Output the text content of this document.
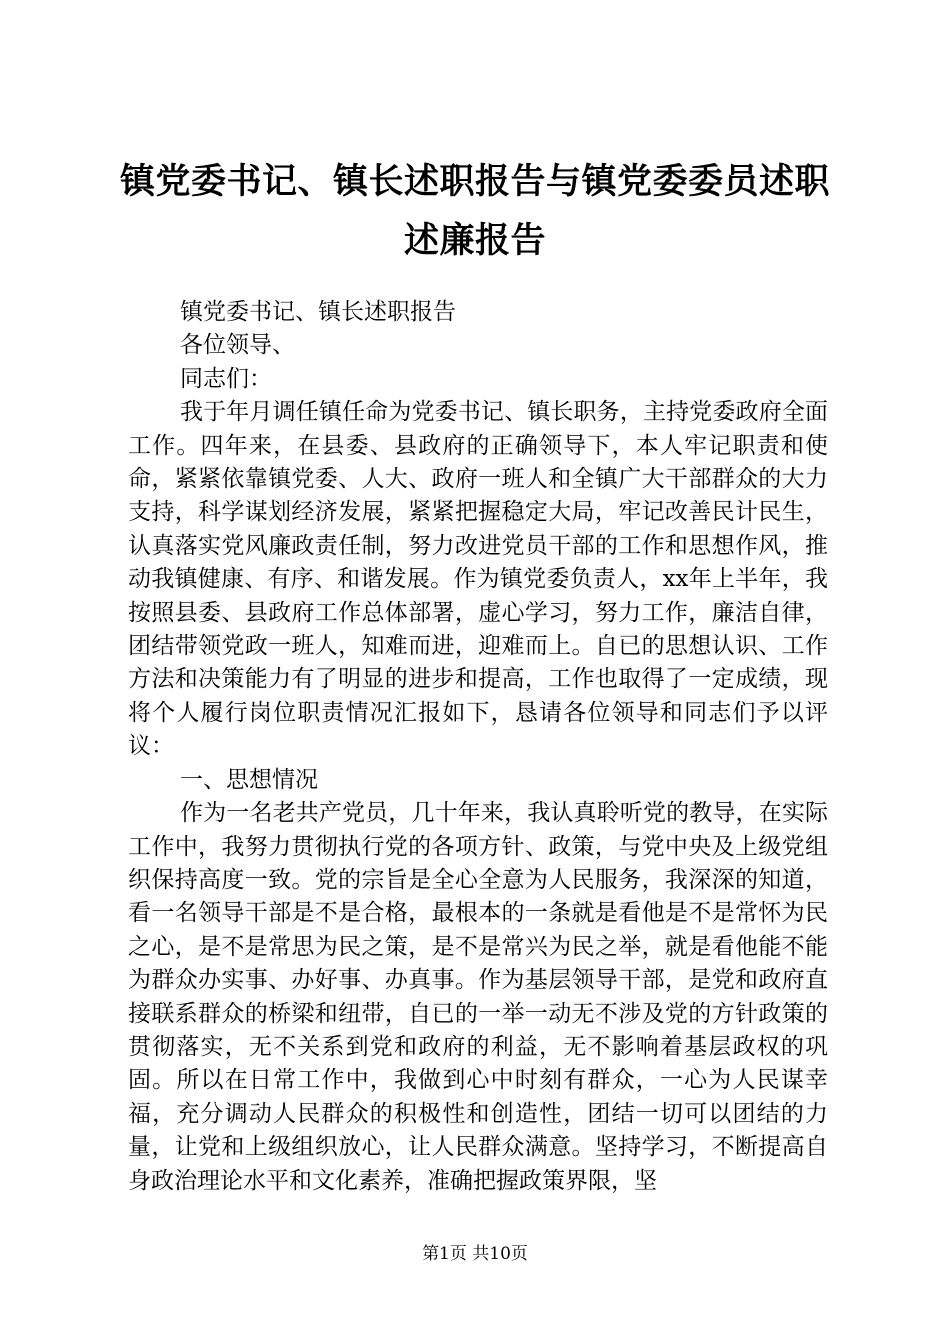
镇党委书记、镇长述职报告与镇党委委员述职
述廉报告

镇党委书记、镇长述职报告

各位领导、

同志们：

我于年月调任镇任命为党委书记、镇长职务，主持党委政府全面工作。四年来，在县委、县政府的正确领导下，本人牢记职责和使命，紧紧依靠镇党委、人大、政府一班人和全镇广大干部群众的大力支持，科学谋划经济发展，紧紧把握稳定大局，牢记改善民计民生，认真落实党风廉政责任制，努力改进党员干部的工作和思想作风，推动我镇健康、有序、和谐发展。作为镇党委负责人，xx年上半年，我按照县委、县政府工作总体部署，虚心学习，努力工作，廉洁自律，团结带领党政一班人，知难而进，迎难而上。自已的思想认识、工作方法和决策能力有了明显的进步和提高，工作也取得了一定成绩，现将个人履行岗位职责情况汇报如下，恳请各位领导和同志们予以评议：

一、思想情况

作为一名老共产党员，几十年来，我认真聆听党的教导，在实际工作中，我努力贯彻执行党的各项方针、政策，与党中央及上级党组织保持高度一致。党的宗旨是全心全意为人民服务，我深深的知道，看一名领导干部是不是合格，最根本的一条就是看他是不是常怀为民之心，是不是常思为民之策，是不是常兴为民之举，就是看他能不能为群众办实事、办好事、办真事。作为基层领导干部，是党和政府直接联系群众的桥梁和纽带，自已的一举一动无不涉及党的方针政策的贯彻落实，无不关系到党和政府的利益，无不影响着基层政权的巩固。所以在日常工作中，我做到心中时刻有群众，一心为人民谋幸福，充分调动人民群众的积极性和创造性，团结一切可以团结的力量，让党和上级组织放心，让人民群众满意。坚持学习，不断提高自身政治理论水平和文化素养，准确把握政策界限，坚

第1页 共10页
